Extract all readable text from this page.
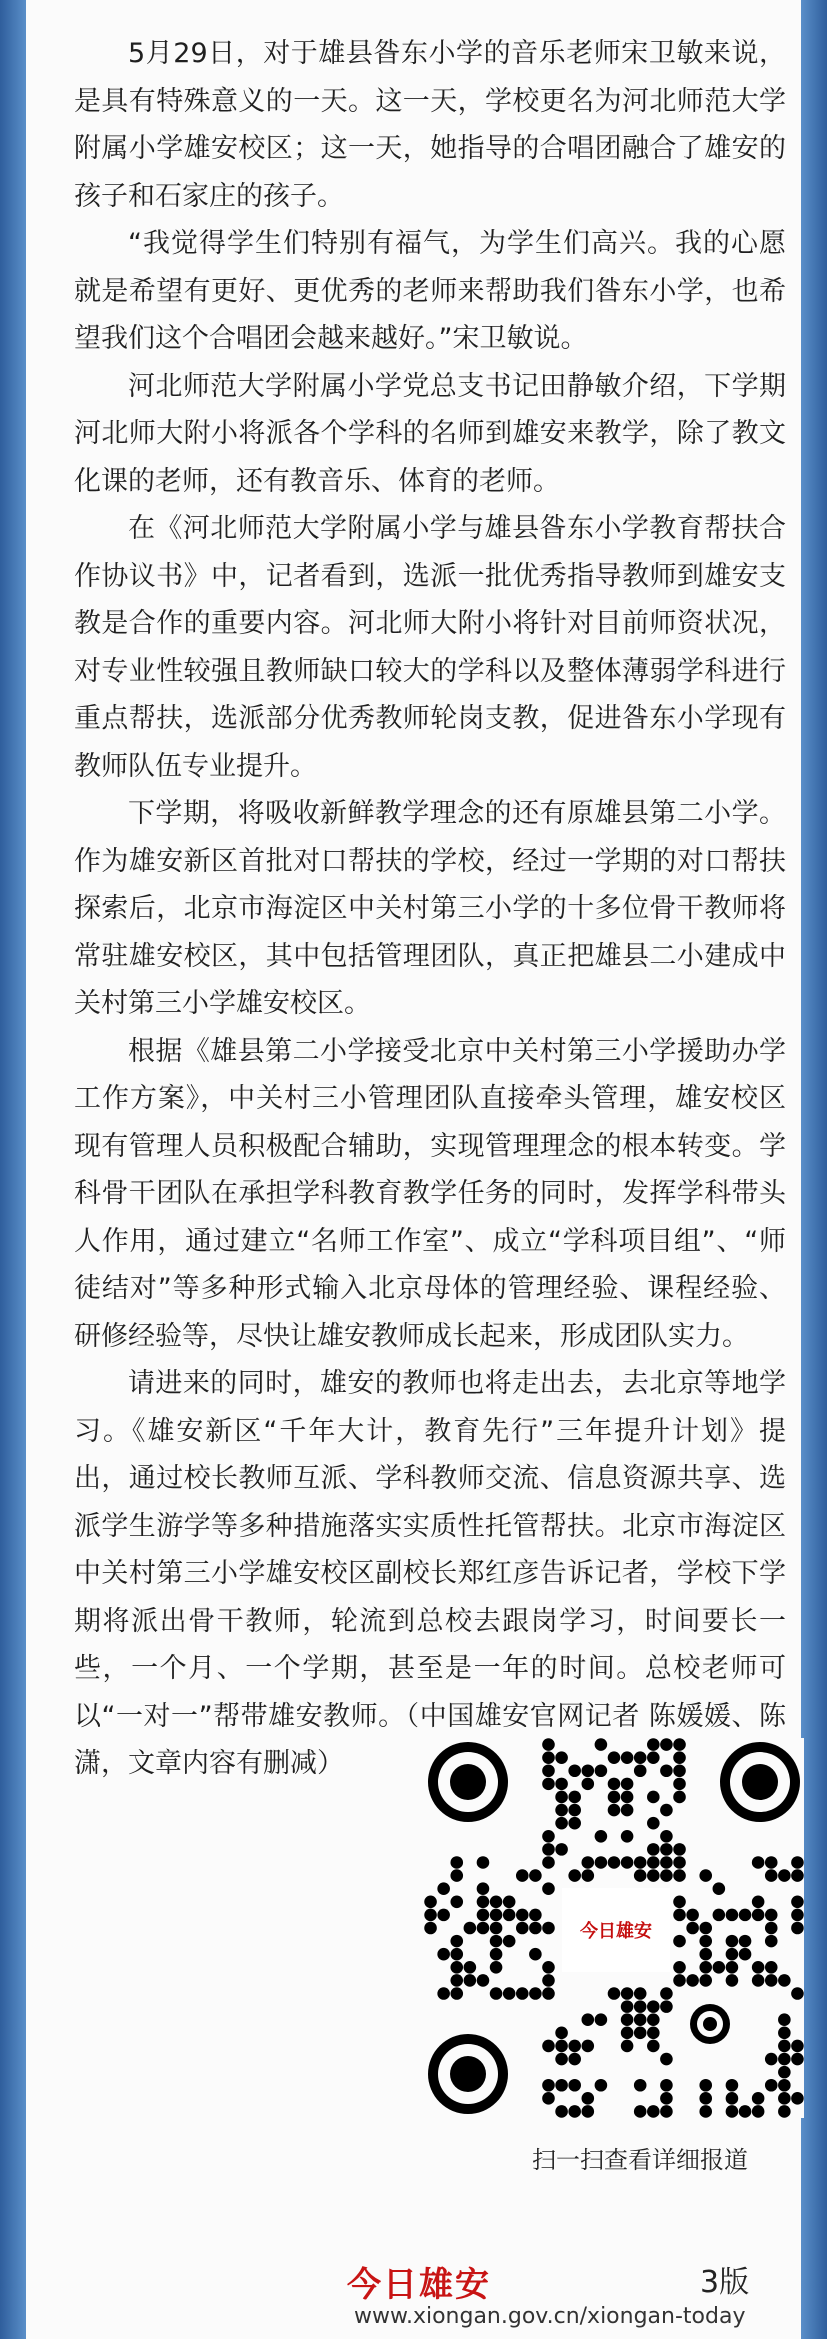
5月29日，对于雄县昝东小学的音乐老师宋卫敏来说，是具有特殊意义的一天。这一天，学校更名为河北师范大学附属小学雄安校区；这一天，她指导的合唱团融合了雄安的孩子和石家庄的孩子。

“我觉得学生们特别有福气，为学生们高兴。我的心愿就是希望有更好、更优秀的老师来帮助我们昝东小学，也希望我们这个合唱团会越来越好。”宋卫敏说。

河北师范大学附属小学党总支书记田静敏介绍，下学期河北师大附小将派各个学科的名师到雄安来教学，除了教文化课的老师，还有教音乐、体育的老师。

在《河北师范大学附属小学与雄县昝东小学教育帮扶合作协议书》中，记者看到，选派一批优秀指导教师到雄安支教是合作的重要内容。河北师大附小将针对目前师资状况，对专业性较强且教师缺口较大的学科以及整体薄弱学科进行重点帮扶，选派部分优秀教师轮岗支教，促进昝东小学现有教师队伍专业提升。

下学期，将吸收新鲜教学理念的还有原雄县第二小学。作为雄安新区首批对口帮扶的学校，经过一学期的对口帮扶探索后，北京市海淀区中关村第三小学的十多位骨干教师将常驻雄安校区，其中包括管理团队，真正把雄县二小建成中关村第三小学雄安校区。

根据《雄县第二小学接受北京中关村第三小学援助办学工作方案》，中关村三小管理团队直接牵头管理，雄安校区现有管理人员积极配合辅助，实现管理理念的根本转变。学科骨干团队在承担学科教育教学任务的同时，发挥学科带头人作用，通过建立“名师工作室”、成立“学科项目组”、“师徒结对”等多种形式输入北京母体的管理经验、课程经验、研修经验等，尽快让雄安教师成长起来，形成团队实力。

请进来的同时，雄安的教师也将走出去，去北京等地学习。《雄安新区“千年大计，教育先行”三年提升计划》提出，通过校长教师互派、学科教师交流、信息资源共享、选派学生游学等多种措施落实实质性托管帮扶。北京市海淀区中关村第三小学雄安校区副校长郑红彦告诉记者，学校下学期将派出骨干教师，轮流到总校去跟岗学习，时间要长一些，一个月、一个学期，甚至是一年的时间。总校老师可以“一对一”帮带雄安教师。（中国雄安官网记者 陈媛媛、陈潇，文章内容有删减）

今日雄安
扫一扫查看详细报道
今日雄安	3版
www.xiongan.gov.cn/xiongan-today
